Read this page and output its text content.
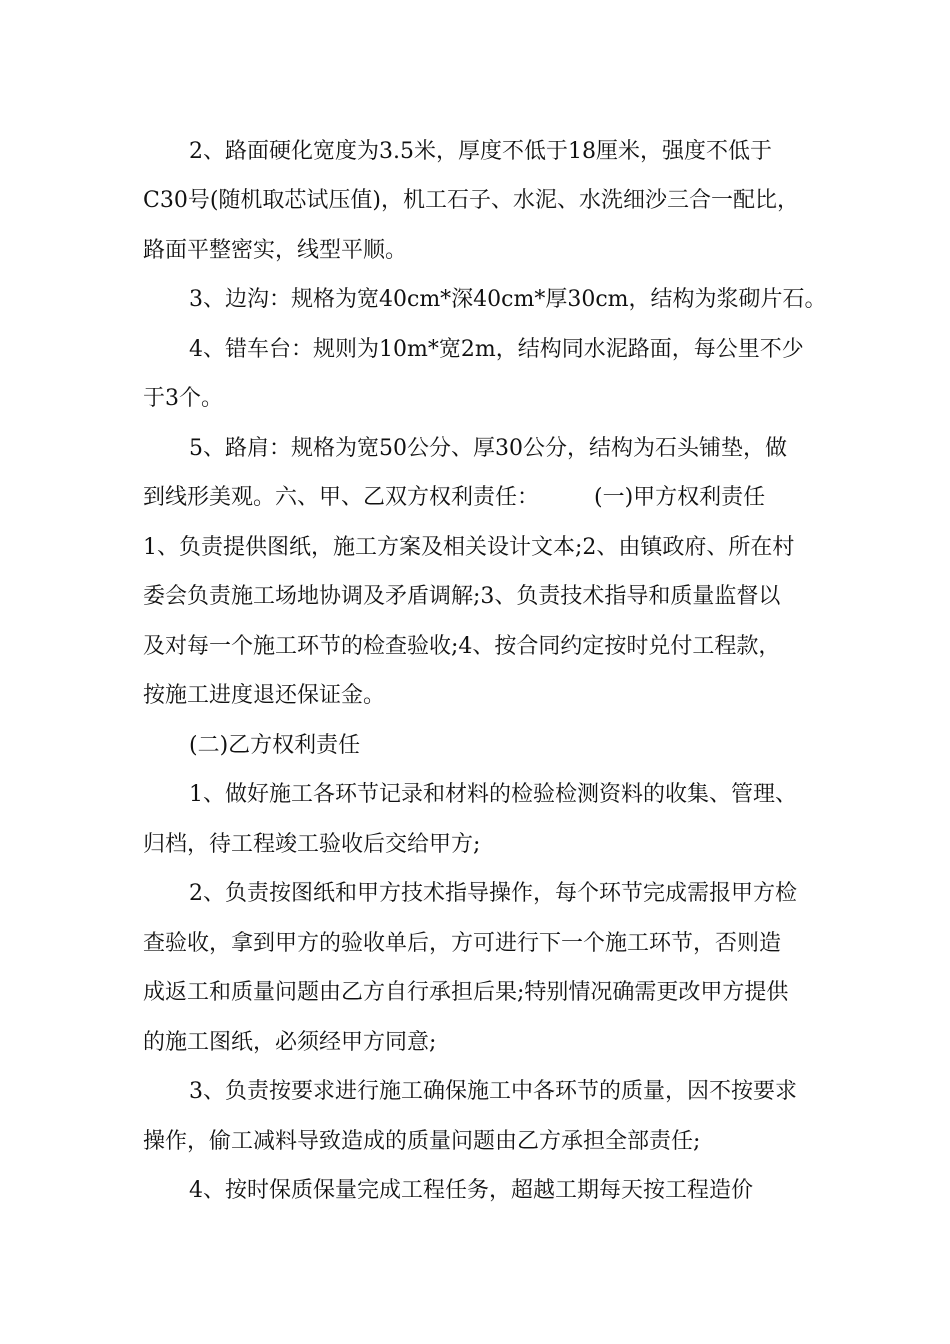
2、路面硬化宽度为3.5米，厚度不低于18厘米，强度不低于
C30号(随机取芯试压值)，机工石子、水泥、水洗细沙三合一配比，
路面平整密实，线型平顺。
3、边沟：规格为宽40cm*深40cm*厚30cm，结构为浆砌片石。
4、错车台：规则为10m*宽2m，结构同水泥路面，每公里不少
于3个。
5、路肩：规格为宽50公分、厚30公分，结构为石头铺垫，做
到线形美观。六、甲、乙双方权利责任：　　　(一)甲方权利责任
1、负责提供图纸，施工方案及相关设计文本;2、由镇政府、所在村
委会负责施工场地协调及矛盾调解;3、负责技术指导和质量监督以
及对每一个施工环节的检查验收;4、按合同约定按时兑付工程款，
按施工进度退还保证金。
(二)乙方权利责任
1、做好施工各环节记录和材料的检验检测资料的收集、管理、
归档，待工程竣工验收后交给甲方;
2、负责按图纸和甲方技术指导操作，每个环节完成需报甲方检
查验收，拿到甲方的验收单后，方可进行下一个施工环节，否则造
成返工和质量问题由乙方自行承担后果;特别情况确需更改甲方提供
的施工图纸，必须经甲方同意;
3、负责按要求进行施工确保施工中各环节的质量，因不按要求
操作，偷工减料导致造成的质量问题由乙方承担全部责任;
4、按时保质保量完成工程任务，超越工期每天按工程造价
